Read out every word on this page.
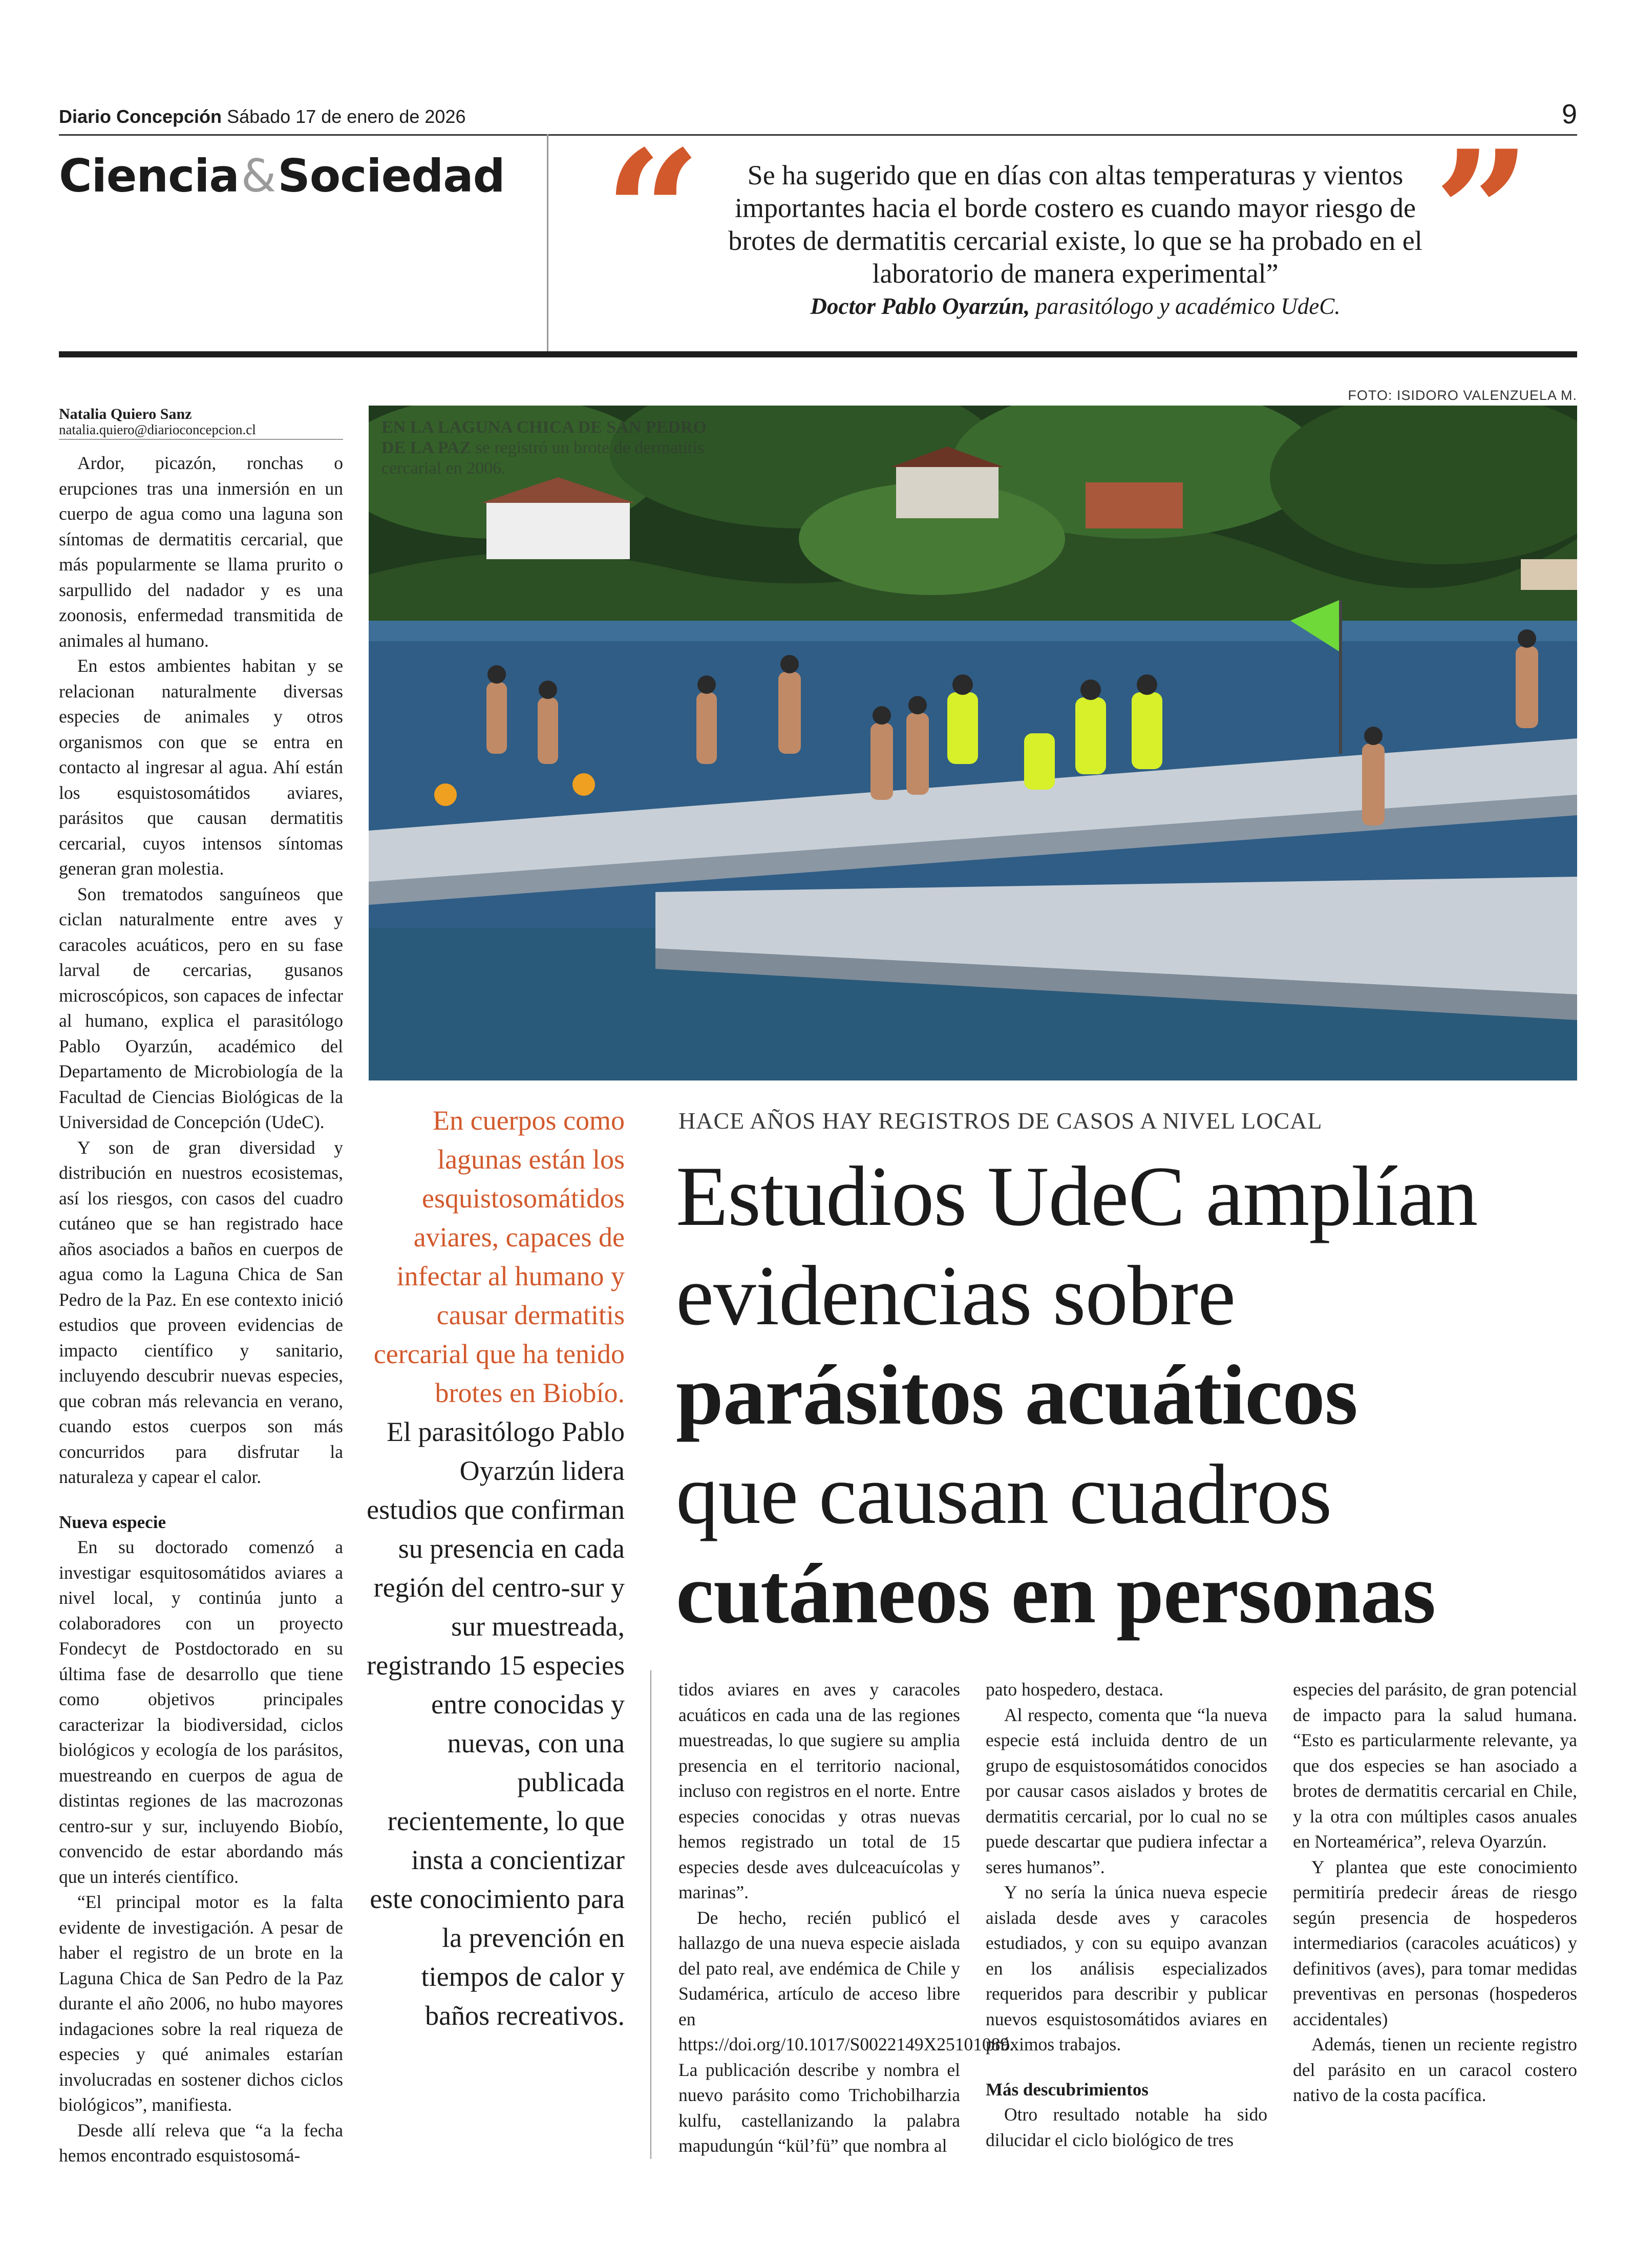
Diario Concepción Sábado 17 de enero de 2026	9
Ciencia&Sociedad “	Se ha sugerido que en días con altas temperaturas y vientos importantes hacia el borde costero es cuando mayor riesgo de brotes de dermatitis cercarial existe, lo que se ha probado en el laboratorio de manera experimental”
Doctor Pablo Oyarzún, parasitólogo y académico UdeC. ”
FOTO: ISIDORO VALENZUELA M.
EN LA LAGUNA CHICA DE SAN PEDRO DE LA PAZ se registró un brote de dermatitis cercarial en 2006.
Natalia Quiero Sanz
natalia.quiero@diarioconcepcion.cl

Ardor, picazón, ronchas o erupciones tras una inmersión en un cuerpo de agua como una laguna son síntomas de dermatitis cercarial, que más popularmente se llama prurito o sarpullido del nadador y es una zoonosis, enfermedad transmitida de animales al humano.

En estos ambientes habitan y se relacionan naturalmente diversas especies de animales y otros organismos con que se entra en contacto al ingresar al agua. Ahí están los esquistosomátidos aviares, parásitos que causan dermatitis cercarial, cuyos intensos síntomas generan gran molestia.

Son trematodos sanguíneos que ciclan naturalmente entre aves y caracoles acuáticos, pero en su fase larval de cercarias, gusanos microscópicos, son capaces de infectar al humano, explica el parasitólogo Pablo Oyarzún, académico del Departamento de Microbiología de la Facultad de Ciencias Biológicas de la Universidad de Concepción (UdeC).

Y son de gran diversidad y distribución en nuestros ecosistemas, así los riesgos, con casos del cuadro cutáneo que se han registrado hace años asociados a baños en cuerpos de agua como la Laguna Chica de San Pedro de la Paz. En ese contexto inició estudios que proveen evidencias de impacto científico y sanitario, incluyendo descubrir nuevas especies, que cobran más relevancia en verano, cuando estos cuerpos son más concurridos para disfrutar la naturaleza y capear el calor.

Nueva especie

En su doctorado comenzó a investigar esquitosomátidos aviares a nivel local, y continúa junto a colaboradores con un proyecto Fondecyt de Postdoctorado en su última fase de desarrollo que tiene como objetivos principales caracterizar la biodiversidad, ciclos biológicos y ecología de los parásitos, muestreando en cuerpos de agua de distintas regiones de las macrozonas centro-sur y sur, incluyendo Biobío, convencido de estar abordando más que un interés científico.

“El principal motor es la falta evidente de investigación. A pesar de haber el registro de un brote en la Laguna Chica de San Pedro de la Paz durante el año 2006, no hubo mayores indagaciones sobre la real riqueza de especies y qué animales estarían involucradas en sostener dichos ciclos biológicos”, manifiesta.

Desde allí releva que “a la fecha hemos encontrado esquistosomá-

En cuerpos como lagunas están los esquistosomátidos aviares, capaces de infectar al humano y causar dermatitis cercarial que ha tenido brotes en Biobío.
El parasitólogo Pablo Oyarzún lidera estudios que confirman su presencia en cada región del centro-sur y sur muestreada, registrando 15 especies entre conocidas y nuevas, con una publicada recientemente, lo que insta a concientizar este conocimiento para la prevención en tiempos de calor y baños recreativos.
HACE AÑOS HAY REGISTROS DE CASOS A NIVEL LOCAL
Estudios UdeC amplían
evidencias sobre
parásitos acuáticos
que causan cuadros
cutáneos en personas

tidos aviares en aves y caracoles acuáticos en cada una de las regiones muestreadas, lo que sugiere su amplia presencia en el territorio nacional, incluso con registros en el norte. Entre especies conocidas y otras nuevas hemos registrado un total de 15 especies desde aves dulceacuícolas y marinas”.

De hecho, recién publicó el hallazgo de una nueva especie aislada del pato real, ave endémica de Chile y Sudamérica, artículo de acceso libre en https://doi.org/10.1017/S0022149X25101089. La publicación describe y nombra el nuevo parásito como Trichobilharzia kulfu, castellanizando la palabra mapudungún “kül’fü” que nombra al

pato hospedero, destaca.

Al respecto, comenta que “la nueva especie está incluida dentro de un grupo de esquistosomátidos conocidos por causar casos aislados y brotes de dermatitis cercarial, por lo cual no se puede descartar que pudiera infectar a seres humanos”.

Y no sería la única nueva especie aislada desde aves y caracoles estudiados, y con su equipo avanzan en los análisis especializados requeridos para describir y publicar nuevos esquistosomátidos aviares en próximos trabajos.

Más descubrimientos

Otro resultado notable ha sido dilucidar el ciclo biológico de tres

especies del parásito, de gran potencial de impacto para la salud humana. “Esto es particularmente relevante, ya que dos especies se han asociado a brotes de dermatitis cercarial en Chile, y la otra con múltiples casos anuales en Norteamérica”, releva Oyarzún.

Y plantea que este conocimiento permitiría predecir áreas de riesgo según presencia de hospederos intermediarios (caracoles acuáticos) y definitivos (aves), para tomar medidas preventivas en personas (hospederos accidentales)

Además, tienen un reciente registro del parásito en un caracol costero nativo de la costa pacífica.
